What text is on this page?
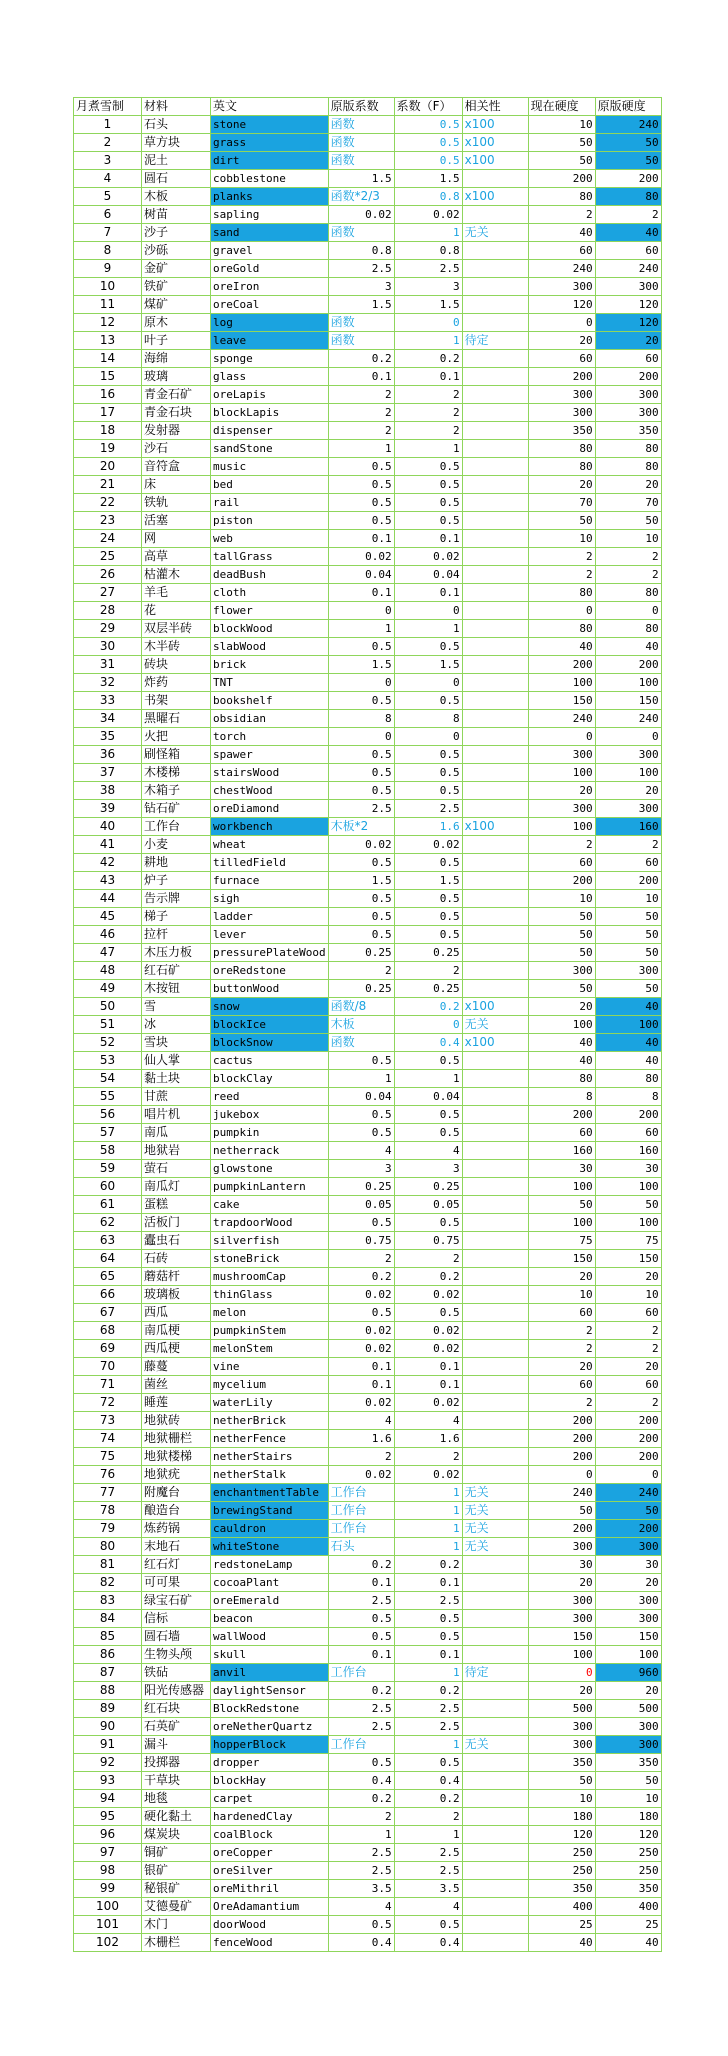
月煮雪制	材料	英文	原版系数	系数（F）	相关性	现在硬度	原版硬度
1	石头	stone	函数	0.5	x100	10	240
2	草方块	grass	函数	0.5	x100	50	50
3	泥土	dirt	函数	0.5	x100	50	50
4	圆石	cobblestone	1.5	1.5		200	200
5	木板	planks	函数*2/3	0.8	x100	80	80
6	树苗	sapling	0.02	0.02		2	2
7	沙子	sand	函数	1	无关	40	40
8	沙砾	gravel	0.8	0.8		60	60
9	金矿	oreGold	2.5	2.5		240	240
10	铁矿	oreIron	3	3		300	300
11	煤矿	oreCoal	1.5	1.5		120	120
12	原木	log	函数	0		0	120
13	叶子	leave	函数	1	待定	20	20
14	海绵	sponge	0.2	0.2		60	60
15	玻璃	glass	0.1	0.1		200	200
16	青金石矿	oreLapis	2	2		300	300
17	青金石块	blockLapis	2	2		300	300
18	发射器	dispenser	2	2		350	350
19	沙石	sandStone	1	1		80	80
20	音符盒	music	0.5	0.5		80	80
21	床	bed	0.5	0.5		20	20
22	铁轨	rail	0.5	0.5		70	70
23	活塞	piston	0.5	0.5		50	50
24	网	web	0.1	0.1		10	10
25	高草	tallGrass	0.02	0.02		2	2
26	枯灌木	deadBush	0.04	0.04		2	2
27	羊毛	cloth	0.1	0.1		80	80
28	花	flower	0	0		0	0
29	双层半砖	blockWood	1	1		80	80
30	木半砖	slabWood	0.5	0.5		40	40
31	砖块	brick	1.5	1.5		200	200
32	炸药	TNT	0	0		100	100
33	书架	bookshelf	0.5	0.5		150	150
34	黑曜石	obsidian	8	8		240	240
35	火把	torch	0	0		0	0
36	刷怪箱	spawer	0.5	0.5		300	300
37	木楼梯	stairsWood	0.5	0.5		100	100
38	木箱子	chestWood	0.5	0.5		20	20
39	钻石矿	oreDiamond	2.5	2.5		300	300
40	工作台	workbench	木板*2	1.6	x100	100	160
41	小麦	wheat	0.02	0.02		2	2
42	耕地	tilledField	0.5	0.5		60	60
43	炉子	furnace	1.5	1.5		200	200
44	告示牌	sigh	0.5	0.5		10	10
45	梯子	ladder	0.5	0.5		50	50
46	拉杆	lever	0.5	0.5		50	50
47	木压力板	pressurePlateWood	0.25	0.25		50	50
48	红石矿	oreRedstone	2	2		300	300
49	木按钮	buttonWood	0.25	0.25		50	50
50	雪	snow	函数/8	0.2	x100	20	40
51	冰	blockIce	木板	0	无关	100	100
52	雪块	blockSnow	函数	0.4	x100	40	40
53	仙人掌	cactus	0.5	0.5		40	40
54	黏土块	blockClay	1	1		80	80
55	甘蔗	reed	0.04	0.04		8	8
56	唱片机	jukebox	0.5	0.5		200	200
57	南瓜	pumpkin	0.5	0.5		60	60
58	地狱岩	netherrack	4	4		160	160
59	萤石	glowstone	3	3		30	30
60	南瓜灯	pumpkinLantern	0.25	0.25		100	100
61	蛋糕	cake	0.05	0.05		50	50
62	活板门	trapdoorWood	0.5	0.5		100	100
63	蠹虫石	silverfish	0.75	0.75		75	75
64	石砖	stoneBrick	2	2		150	150
65	蘑菇杆	mushroomCap	0.2	0.2		20	20
66	玻璃板	thinGlass	0.02	0.02		10	10
67	西瓜	melon	0.5	0.5		60	60
68	南瓜梗	pumpkinStem	0.02	0.02		2	2
69	西瓜梗	melonStem	0.02	0.02		2	2
70	藤蔓	vine	0.1	0.1		20	20
71	菌丝	mycelium	0.1	0.1		60	60
72	睡莲	waterLily	0.02	0.02		2	2
73	地狱砖	netherBrick	4	4		200	200
74	地狱栅栏	netherFence	1.6	1.6		200	200
75	地狱楼梯	netherStairs	2	2		200	200
76	地狱疣	netherStalk	0.02	0.02		0	0
77	附魔台	enchantmentTable	工作台	1	无关	240	240
78	酿造台	brewingStand	工作台	1	无关	50	50
79	炼药锅	cauldron	工作台	1	无关	200	200
80	末地石	whiteStone	石头	1	无关	300	300
81	红石灯	redstoneLamp	0.2	0.2		30	30
82	可可果	cocoaPlant	0.1	0.1		20	20
83	绿宝石矿	oreEmerald	2.5	2.5		300	300
84	信标	beacon	0.5	0.5		300	300
85	圆石墙	wallWood	0.5	0.5		150	150
86	生物头颅	skull	0.1	0.1		100	100
87	铁砧	anvil	工作台	1	待定	0	960
88	阳光传感器	daylightSensor	0.2	0.2		20	20
89	红石块	BlockRedstone	2.5	2.5		500	500
90	石英矿	oreNetherQuartz	2.5	2.5		300	300
91	漏斗	hopperBlock	工作台	1	无关	300	300
92	投掷器	dropper	0.5	0.5		350	350
93	干草块	blockHay	0.4	0.4		50	50
94	地毯	carpet	0.2	0.2		10	10
95	硬化黏土	hardenedClay	2	2		180	180
96	煤炭块	coalBlock	1	1		120	120
97	铜矿	oreCopper	2.5	2.5		250	250
98	银矿	oreSilver	2.5	2.5		250	250
99	秘银矿	oreMithril	3.5	3.5		350	350
100	艾德曼矿	OreAdamantium	4	4		400	400
101	木门	doorWood	0.5	0.5		25	25
102	木栅栏	fenceWood	0.4	0.4		40	40
